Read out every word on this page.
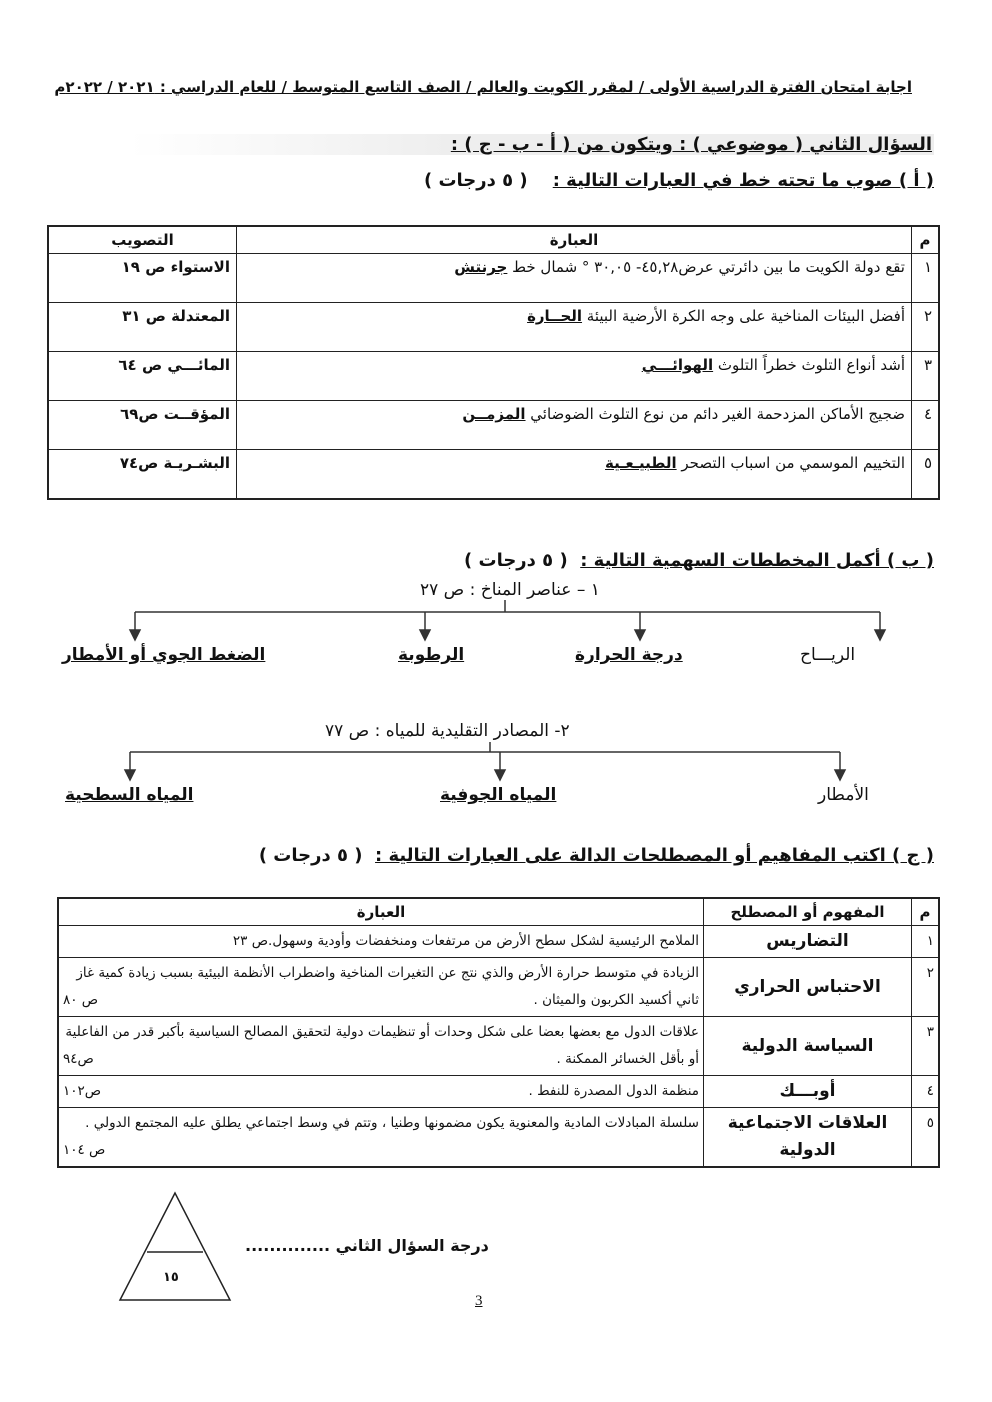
اجابة امتحان الفترة الدراسية الأولى / لمقرر الكويت والعالم / الصف التاسع المتوسط / للعام الدراسي : ٢٠٢١ / ٢٠٢٢م
السؤال الثاني ( موضوعي ) : ويتكون من ( أ - ب - ج ) :
( أ ) صوب ما تحته خط في العبارات التالية :    ( ٥ درجات )
م	العبارة	التصويب
١	تقع دولة الكويت ما بين دائرتي عرض٤٥,٢٨- ٣٠,٠٥ ° شمال خط جرنتش	الاستواء ص ١٩
٢	أفضل البيئات المناخية على وجه الكرة الأرضية البيئة الحــارة	المعتدلة ص ٣١
٣	أشد أنواع التلوث خطراً التلوث الهوائـــي	المائـــي ص ٦٤
٤	ضجيج الأماكن المزدحمة الغير دائم من نوع التلوث الضوضائي المزمــن	المؤقــت ص٦٩
٥	التخييم الموسمي من اسباب التصحر الطبيـعـية	البشـريـة ص٧٤
( ب ) أكمل المخططات السهمية التالية :  ( ٥ درجات )
١ – عناصر المناخ : ص ٢٧
الريـــاح
درجة الحرارة
الرطوبة
الضغط الجوي أو الأمطار
٢- المصادر التقليدية للمياه : ص ٧٧
الأمطار
المياه الجوفية
المياه السطحية
( ج ) اكتب المفاهيم أو المصطلحات الدالة على العبارات التالية :  ( ٥ درجات )
م	المفهوم أو المصطلح	العبارة
١	التضاريس	الملامح الرئيسية لشكل سطح الأرض من مرتفعات ومنخفضات وأودية وسهول.ص ٢٣

٢	الاحتباس الحراري	الزيادة في متوسط حرارة الأرض والذي نتج عن التغيرات المناخية واضطراب الأنظمة البيئية بسبب زيادة كمية غاز ثاني أكسيد الكربون والميثان .
ص ٨٠

٣	السياسة الدولية	علاقات الدول مع بعضها بعضا على شكل وحدات أو تنظيمات دولية لتحقيق المصالح السياسية بأكبر قدر من الفاعلية أو بأقل الخسائر الممكنة .
ص٩٤

٤	أوبـــك	منظمة الدول المصدرة للنفط .
ص١٠٢

٥	العلاقات الاجتماعية الدولية	سلسلة المبادلات المادية والمعنوية يكون مضمونها وطنيا ، وتتم في وسط اجتماعي يطلق عليه المجتمع الدولي .
ص ١٠٤
درجة السؤال الثاني ..............
١٥
3
